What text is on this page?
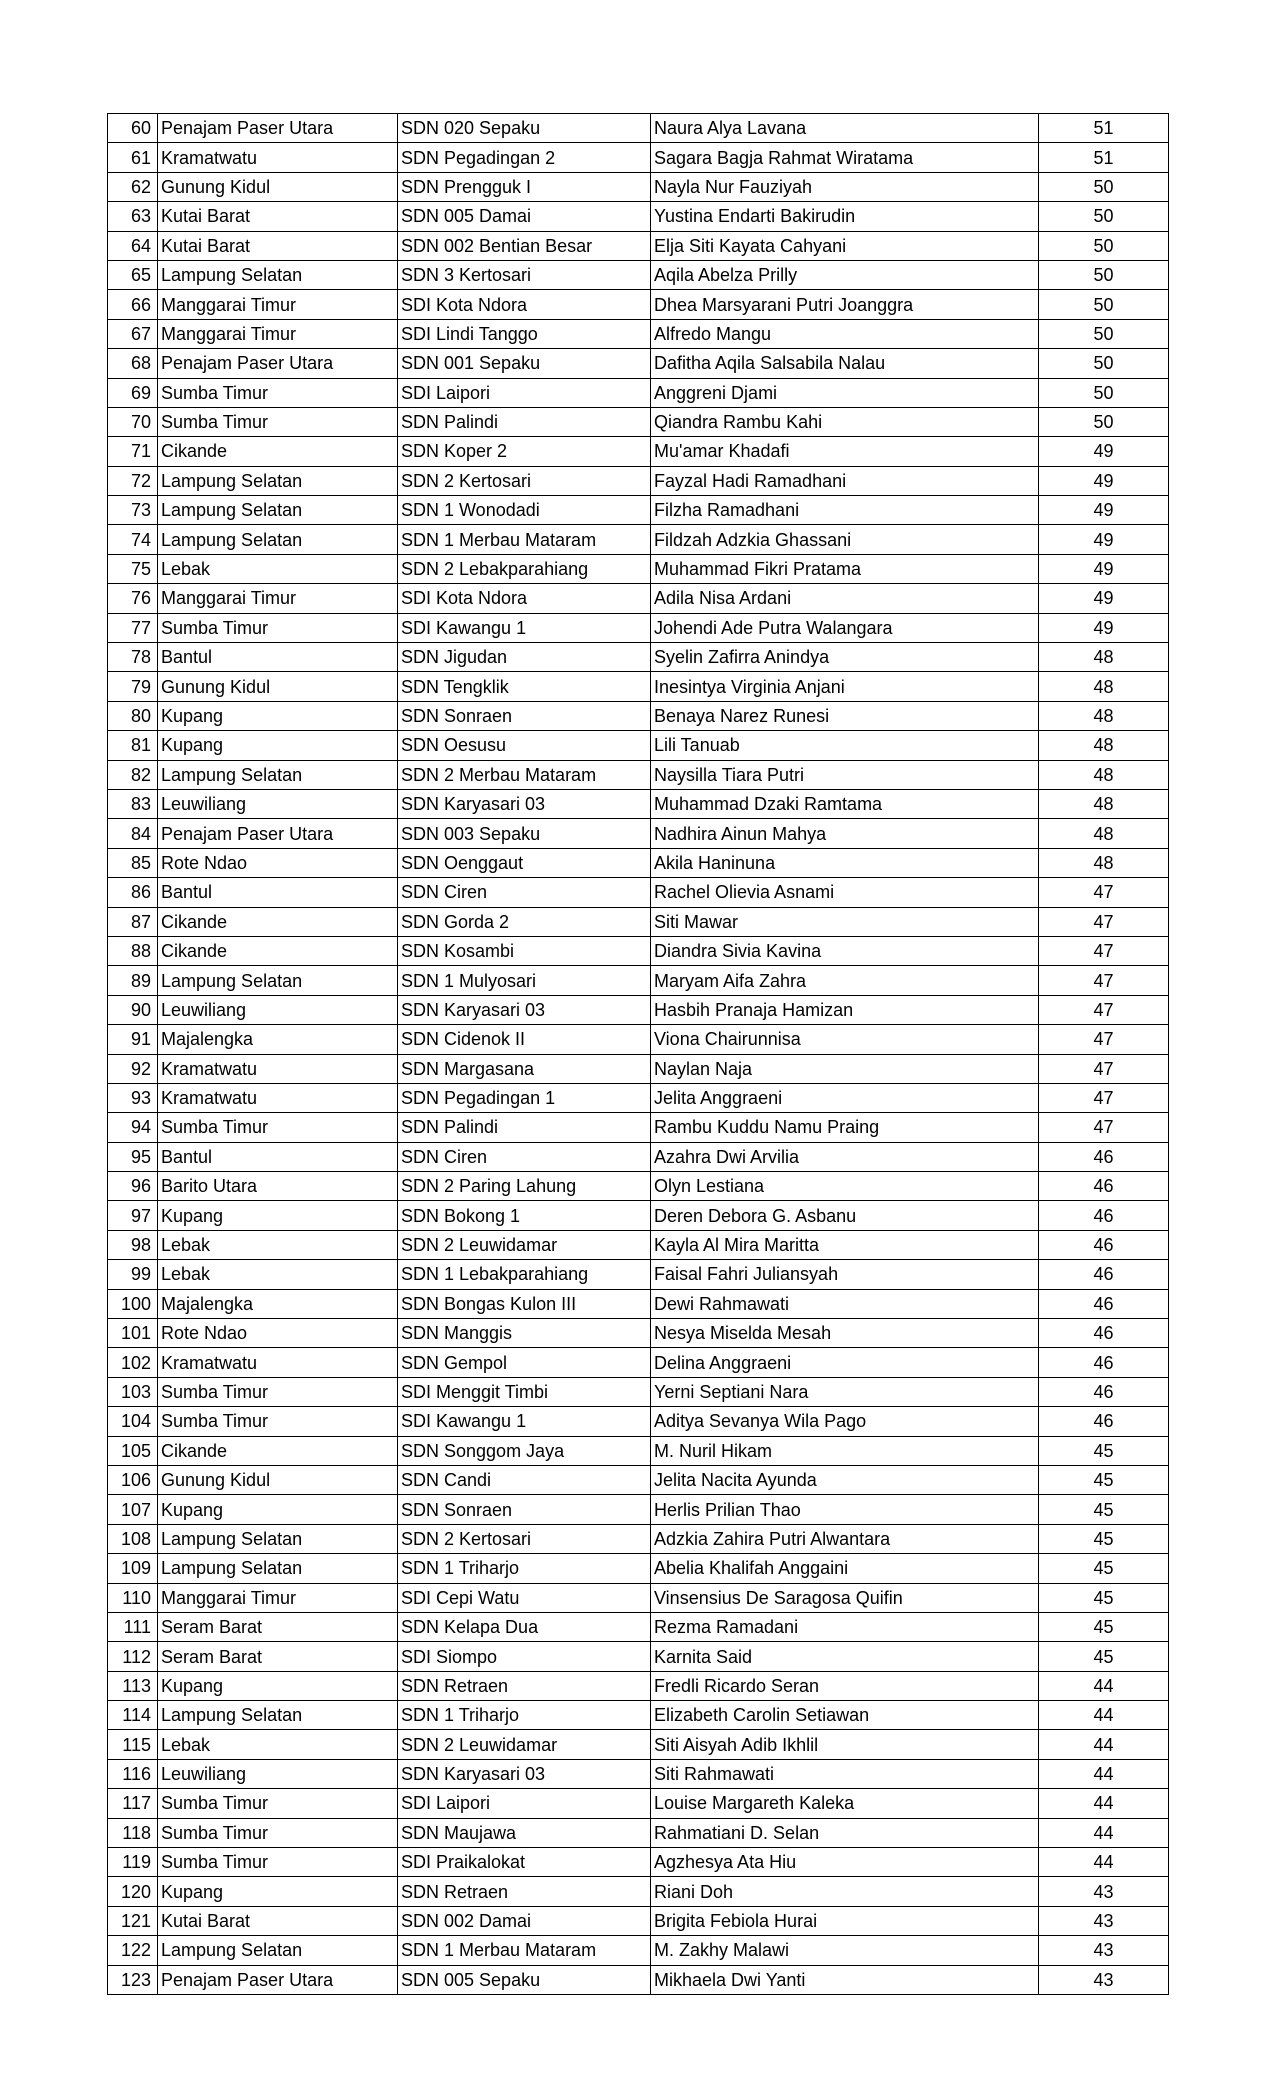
60	Penajam Paser Utara	SDN 020 Sepaku	Naura Alya Lavana	51
61	Kramatwatu	SDN Pegadingan 2	Sagara Bagja Rahmat Wiratama	51
62	Gunung Kidul	SDN Prengguk I	Nayla Nur Fauziyah	50
63	Kutai Barat	SDN 005 Damai	Yustina Endarti Bakirudin	50
64	Kutai Barat	SDN 002 Bentian Besar	Elja Siti Kayata Cahyani	50
65	Lampung Selatan	SDN 3 Kertosari	Aqila Abelza Prilly	50
66	Manggarai Timur	SDI Kota Ndora	Dhea Marsyarani Putri Joanggra	50
67	Manggarai Timur	SDI Lindi Tanggo	Alfredo Mangu	50
68	Penajam Paser Utara	SDN 001 Sepaku	Dafitha Aqila Salsabila Nalau	50
69	Sumba Timur	SDI Laipori	Anggreni Djami	50
70	Sumba Timur	SDN Palindi	Qiandra Rambu Kahi	50
71	Cikande	SDN Koper 2	Mu'amar Khadafi	49
72	Lampung Selatan	SDN 2 Kertosari	Fayzal Hadi Ramadhani	49
73	Lampung Selatan	SDN 1 Wonodadi	Filzha Ramadhani	49
74	Lampung Selatan	SDN 1 Merbau Mataram	Fildzah Adzkia Ghassani	49
75	Lebak	SDN 2 Lebakparahiang	Muhammad Fikri Pratama	49
76	Manggarai Timur	SDI Kota Ndora	Adila Nisa Ardani	49
77	Sumba Timur	SDI Kawangu 1	Johendi Ade Putra Walangara	49
78	Bantul	SDN Jigudan	Syelin Zafirra Anindya	48
79	Gunung Kidul	SDN Tengklik	Inesintya Virginia Anjani	48
80	Kupang	SDN Sonraen	Benaya Narez Runesi	48
81	Kupang	SDN Oesusu	Lili Tanuab	48
82	Lampung Selatan	SDN 2 Merbau Mataram	Naysilla Tiara Putri	48
83	Leuwiliang	SDN Karyasari 03	Muhammad Dzaki Ramtama	48
84	Penajam Paser Utara	SDN 003 Sepaku	Nadhira Ainun Mahya	48
85	Rote Ndao	SDN Oenggaut	Akila Haninuna	48
86	Bantul	SDN Ciren	Rachel Olievia Asnami	47
87	Cikande	SDN Gorda 2	Siti Mawar	47
88	Cikande	SDN Kosambi	Diandra Sivia Kavina	47
89	Lampung Selatan	SDN 1 Mulyosari	Maryam Aifa Zahra	47
90	Leuwiliang	SDN Karyasari 03	Hasbih Pranaja Hamizan	47
91	Majalengka	SDN Cidenok II	Viona Chairunnisa	47
92	Kramatwatu	SDN Margasana	Naylan Naja	47
93	Kramatwatu	SDN Pegadingan 1	Jelita Anggraeni	47
94	Sumba Timur	SDN Palindi	Rambu Kuddu Namu Praing	47
95	Bantul	SDN Ciren	Azahra Dwi Arvilia	46
96	Barito Utara	SDN 2 Paring Lahung	Olyn Lestiana	46
97	Kupang	SDN Bokong 1	Deren Debora G. Asbanu	46
98	Lebak	SDN 2 Leuwidamar	Kayla Al Mira Maritta	46
99	Lebak	SDN 1 Lebakparahiang	Faisal Fahri Juliansyah	46
100	Majalengka	SDN Bongas Kulon III	Dewi Rahmawati	46
101	Rote Ndao	SDN Manggis	Nesya Miselda Mesah	46
102	Kramatwatu	SDN Gempol	Delina Anggraeni	46
103	Sumba Timur	SDI Menggit Timbi	Yerni Septiani Nara	46
104	Sumba Timur	SDI Kawangu 1	Aditya Sevanya Wila Pago	46
105	Cikande	SDN Songgom Jaya	M. Nuril Hikam	45
106	Gunung Kidul	SDN Candi	Jelita Nacita Ayunda	45
107	Kupang	SDN Sonraen	Herlis Prilian Thao	45
108	Lampung Selatan	SDN 2 Kertosari	Adzkia Zahira Putri Alwantara	45
109	Lampung Selatan	SDN 1 Triharjo	Abelia Khalifah Anggaini	45
110	Manggarai Timur	SDI Cepi Watu	Vinsensius De Saragosa Quifin	45
111	Seram Barat	SDN Kelapa Dua	Rezma Ramadani	45
112	Seram Barat	SDI Siompo	Karnita Said	45
113	Kupang	SDN Retraen	Fredli Ricardo Seran	44
114	Lampung Selatan	SDN 1 Triharjo	Elizabeth Carolin Setiawan	44
115	Lebak	SDN 2 Leuwidamar	Siti Aisyah Adib Ikhlil	44
116	Leuwiliang	SDN Karyasari 03	Siti Rahmawati	44
117	Sumba Timur	SDI Laipori	Louise Margareth Kaleka	44
118	Sumba Timur	SDN Maujawa	Rahmatiani D. Selan	44
119	Sumba Timur	SDI Praikalokat	Agzhesya Ata Hiu	44
120	Kupang	SDN Retraen	Riani Doh	43
121	Kutai Barat	SDN 002 Damai	Brigita Febiola Hurai	43
122	Lampung Selatan	SDN 1 Merbau Mataram	M. Zakhy Malawi	43
123	Penajam Paser Utara	SDN 005 Sepaku	Mikhaela Dwi Yanti	43
